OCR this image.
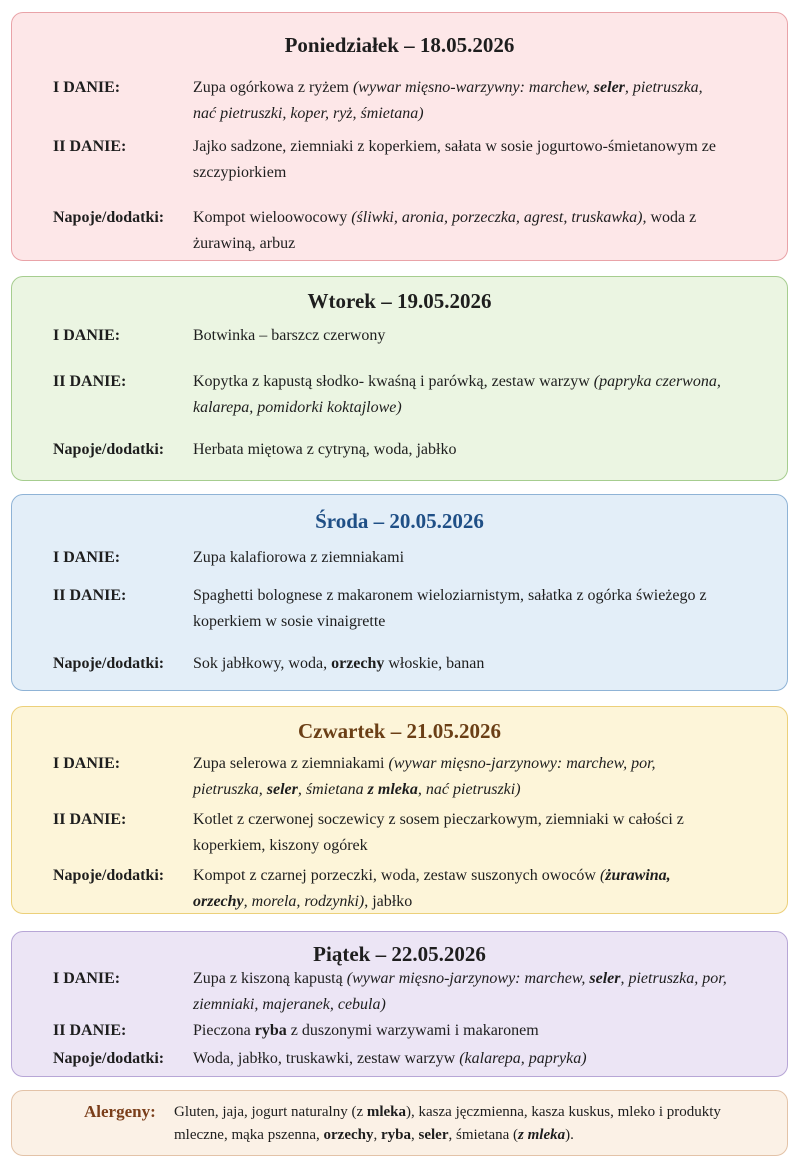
Poniedziałek – 18.05.2026
I DANIE:	Zupa ogórkowa z ryżem (wywar mięsno-warzywny: marchew, seler, pietruszka, nać pietruszki, koper, ryż, śmietana)
II DANIE:	Jajko sadzone, ziemniaki z koperkiem, sałata w sosie jogurtowo-śmietanowym ze szczypiorkiem
Napoje/dodatki: Kompot wieloowocowy (śliwki, aronia, porzeczka, agrest, truskawka), woda z żurawiną, arbuz
Wtorek – 19.05.2026
I DANIE:	Botwinka – barszcz czerwony
II DANIE:	Kopytka z kapustą słodko- kwaśną i parówką, zestaw warzyw (papryka czerwona, kalarepa, pomidorki koktajlowe)
Napoje/dodatki: Herbata miętowa z cytryną, woda, jabłko
Środa – 20.05.2026
I DANIE:	Zupa kalafiorowa z ziemniakami
II DANIE:	Spaghetti bolognese z makaronem wieloziarnistym, sałatka z ogórka świeżego z koperkiem w sosie vinaigrette
Napoje/dodatki: Sok jabłkowy, woda, orzechy włoskie, banan
Czwartek – 21.05.2026
I DANIE:	Zupa selerowa z ziemniakami (wywar mięsno-jarzynowy: marchew, por, pietruszka, seler, śmietana z mleka, nać pietruszki)
II DANIE:	Kotlet z czerwonej soczewicy z sosem pieczarkowym, ziemniaki w całości z koperkiem, kiszony ogórek
Napoje/dodatki: Kompot z czarnej porzeczki, woda, zestaw suszonych owoców (żurawina, orzechy, morela, rodzynki), jabłko
Piątek – 22.05.2026
I DANIE:	Zupa z kiszoną kapustą (wywar mięsno-jarzynowy: marchew, seler, pietruszka, por, ziemniaki, majeranek, cebula)
II DANIE:	Pieczona ryba z duszonymi warzywami i makaronem
Napoje/dodatki: Woda, jabłko, truskawki, zestaw warzyw (kalarepa, papryka)
Alergeny: Gluten, jaja, jogurt naturalny (z mleka), kasza jęczmienna, kasza kuskus, mleko i produkty mleczne, mąka pszenna, orzechy, ryba, seler, śmietana (z mleka).
